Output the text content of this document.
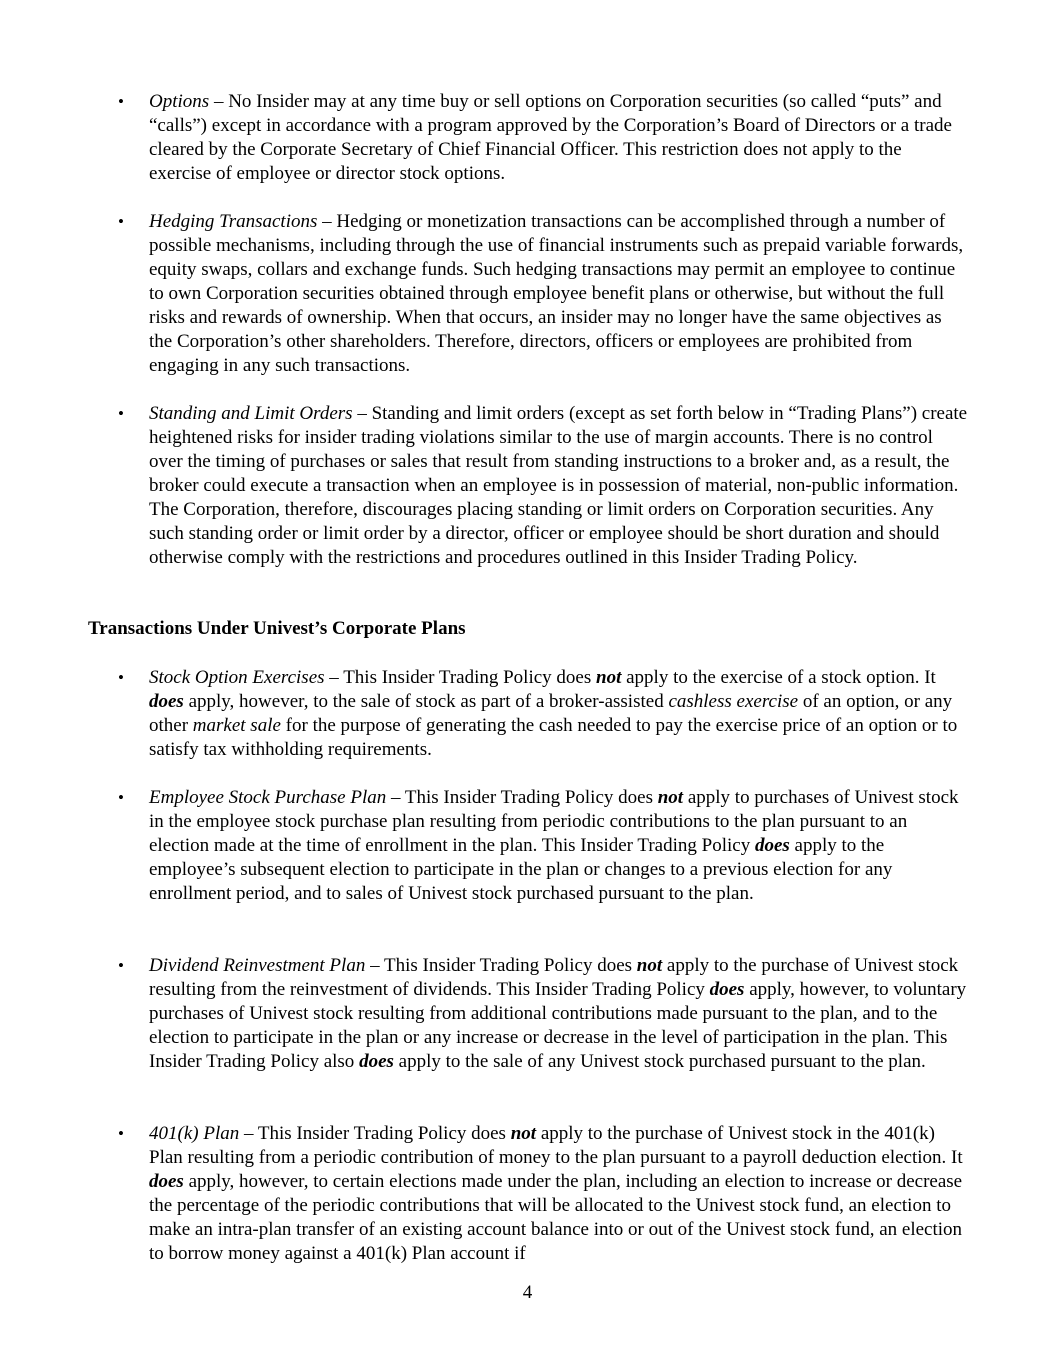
• Options – No Insider may at any time buy or sell options on Corporation securities (so called “puts” and “calls”) except in accordance with a program approved by the Corporation’s Board of Directors or a trade cleared by the Corporate Secretary of Chief Financial Officer. This restriction does not apply to the exercise of employee or director stock options.
• Hedging Transactions – Hedging or monetization transactions can be accomplished through a number of possible mechanisms, including through the use of financial instruments such as prepaid variable forwards, equity swaps, collars and exchange funds. Such hedging transactions may permit an employee to continue to own Corporation securities obtained through employee benefit plans or otherwise, but without the full risks and rewards of ownership. When that occurs, an insider may no longer have the same objectives as the Corporation’s other shareholders. Therefore, directors, officers or employees are prohibited from engaging in any such transactions.
• Standing and Limit Orders – Standing and limit orders (except as set forth below in “Trading Plans”) create heightened risks for insider trading violations similar to the use of margin accounts. There is no control over the timing of purchases or sales that result from standing instructions to a broker and, as a result, the broker could execute a transaction when an employee is in possession of material, non-public information. The Corporation, therefore, discourages placing standing or limit orders on Corporation securities. Any such standing order or limit order by a director, officer or employee should be short duration and should otherwise comply with the restrictions and procedures outlined in this Insider Trading Policy.
Transactions Under Univest’s Corporate Plans
• Stock Option Exercises – This Insider Trading Policy does not apply to the exercise of a stock option. It does apply, however, to the sale of stock as part of a broker-assisted cashless exercise of an option, or any other market sale for the purpose of generating the cash needed to pay the exercise price of an option or to satisfy tax withholding requirements.
• Employee Stock Purchase Plan – This Insider Trading Policy does not apply to purchases of Univest stock in the employee stock purchase plan resulting from periodic contributions to the plan pursuant to an election made at the time of enrollment in the plan. This Insider Trading Policy does apply to the employee’s subsequent election to participate in the plan or changes to a previous election for any enrollment period, and to sales of Univest stock purchased pursuant to the plan.
• Dividend Reinvestment Plan – This Insider Trading Policy does not apply to the purchase of Univest stock resulting from the reinvestment of dividends. This Insider Trading Policy does apply, however, to voluntary purchases of Univest stock resulting from additional contributions made pursuant to the plan, and to the election to participate in the plan or any increase or decrease in the level of participation in the plan. This Insider Trading Policy also does apply to the sale of any Univest stock purchased pursuant to the plan.
• 401(k) Plan – This Insider Trading Policy does not apply to the purchase of Univest stock in the 401(k) Plan resulting from a periodic contribution of money to the plan pursuant to a payroll deduction election. It does apply, however, to certain elections made under the plan, including an election to increase or decrease the percentage of the periodic contributions that will be allocated to the Univest stock fund, an election to make an intra-plan transfer of an existing account balance into or out of the Univest stock fund, an election to borrow money against a 401(k) Plan account if
4
